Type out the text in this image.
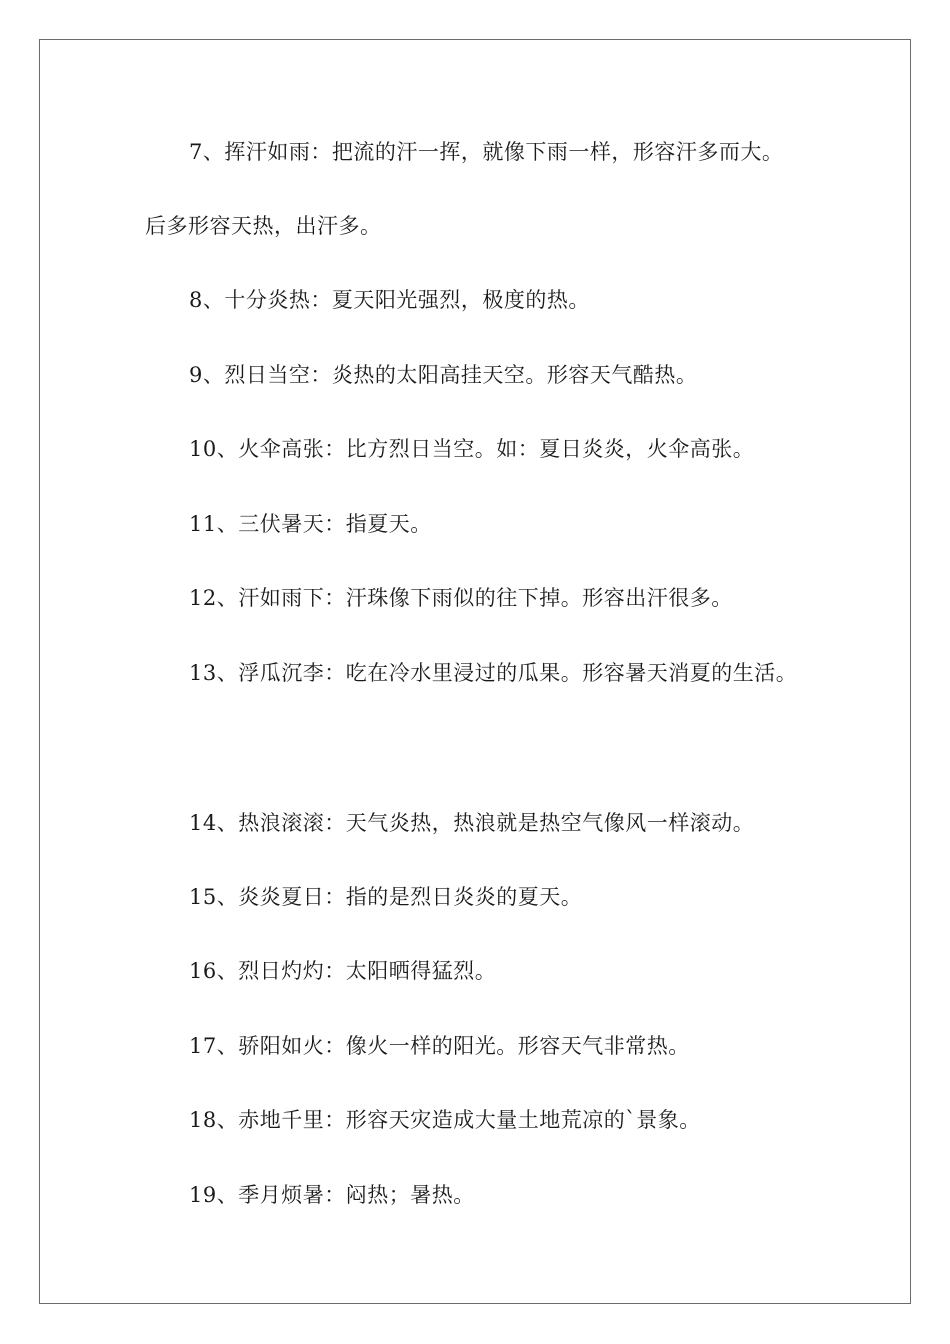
7、挥汗如雨：把流的汗一挥，就像下雨一样，形容汗多而大。
后多形容天热，出汗多。
8、十分炎热：夏天阳光强烈，极度的热。
9、烈日当空：炎热的太阳高挂天空。形容天气酷热。
10、火伞高张：比方烈日当空。如：夏日炎炎，火伞高张。
11、三伏暑天：指夏天。
12、汗如雨下：汗珠像下雨似的往下掉。形容出汗很多。
13、浮瓜沉李：吃在冷水里浸过的瓜果。形容暑天消夏的生活。
14、热浪滚滚：天气炎热，热浪就是热空气像风一样滚动。
15、炎炎夏日：指的是烈日炎炎的夏天。
16、烈日灼灼：太阳晒得猛烈。
17、骄阳如火：像火一样的阳光。形容天气非常热。
18、赤地千里：形容天灾造成大量土地荒凉的`景象。
19、季月烦暑：闷热；暑热。
